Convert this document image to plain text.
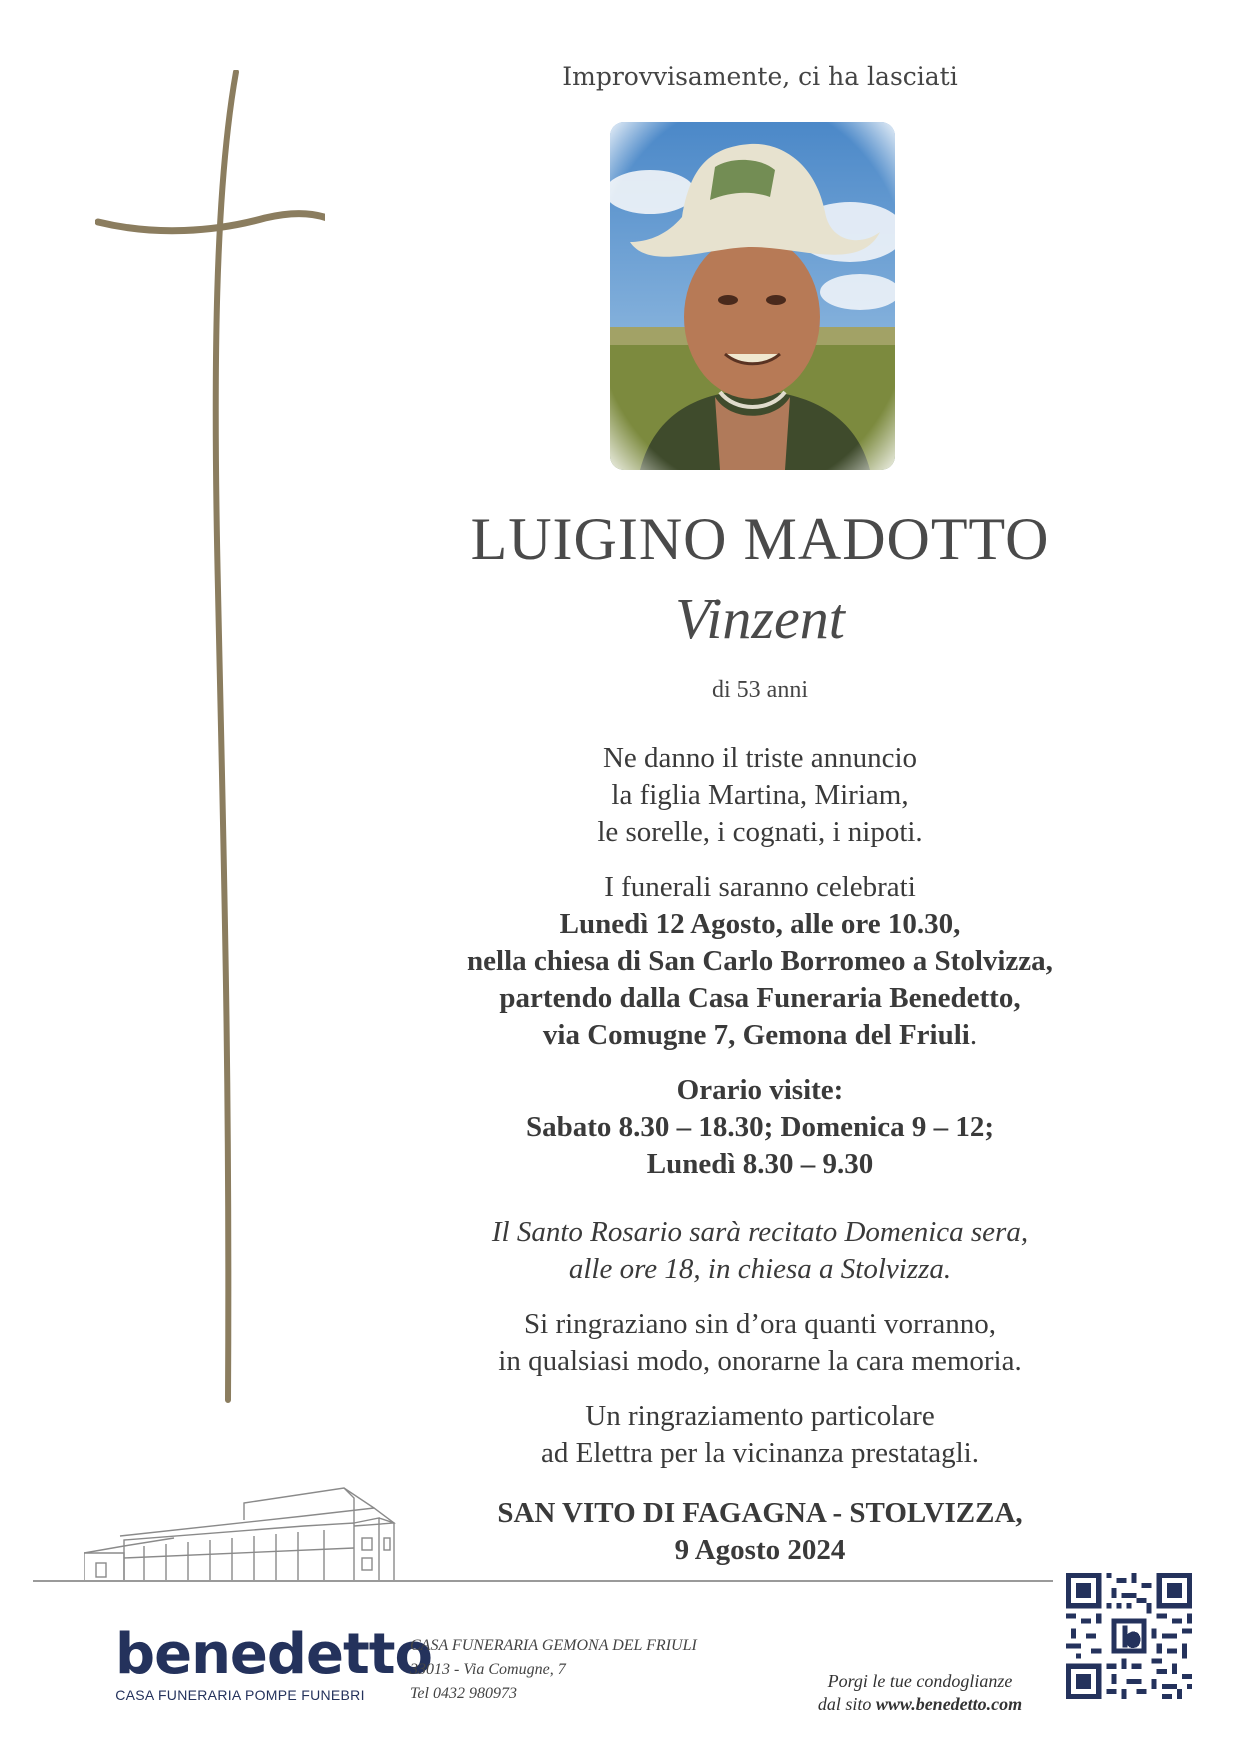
Improvvisamente, ci ha lasciati
LUIGINO MADOTTO
Vinzent
di 53 anni
Ne danno il triste annuncio
la figlia Martina, Miriam,
le sorelle, i cognati, i nipoti.
I funerali saranno celebrati
Lunedì 12 Agosto, alle ore 10.30,
nella chiesa di San Carlo Borromeo a Stolvizza,
partendo dalla Casa Funeraria Benedetto,
via Comugne 7, Gemona del Friuli.
Orario visite:
Sabato 8.30 – 18.30; Domenica 9 – 12;
Lunedì 8.30 – 9.30
Il Santo Rosario sarà recitato Domenica sera,
alle ore 18, in chiesa a Stolvizza.
Si ringraziano sin d’ora quanti vorranno,
in qualsiasi modo, onorarne la cara memoria.
Un ringraziamento particolare
ad Elettra per la vicinanza prestatagli.
SAN VITO DI FAGAGNA - STOLVIZZA,
9 Agosto 2024
benedetto
CASA FUNERARIA POMPE FUNEBRI
CASA FUNERARIA GEMONA DEL FRIULI
33013 - Via Comugne, 7
Tel 0432 980973
Porgi le tue condoglianze
dal sito www.benedetto.com
